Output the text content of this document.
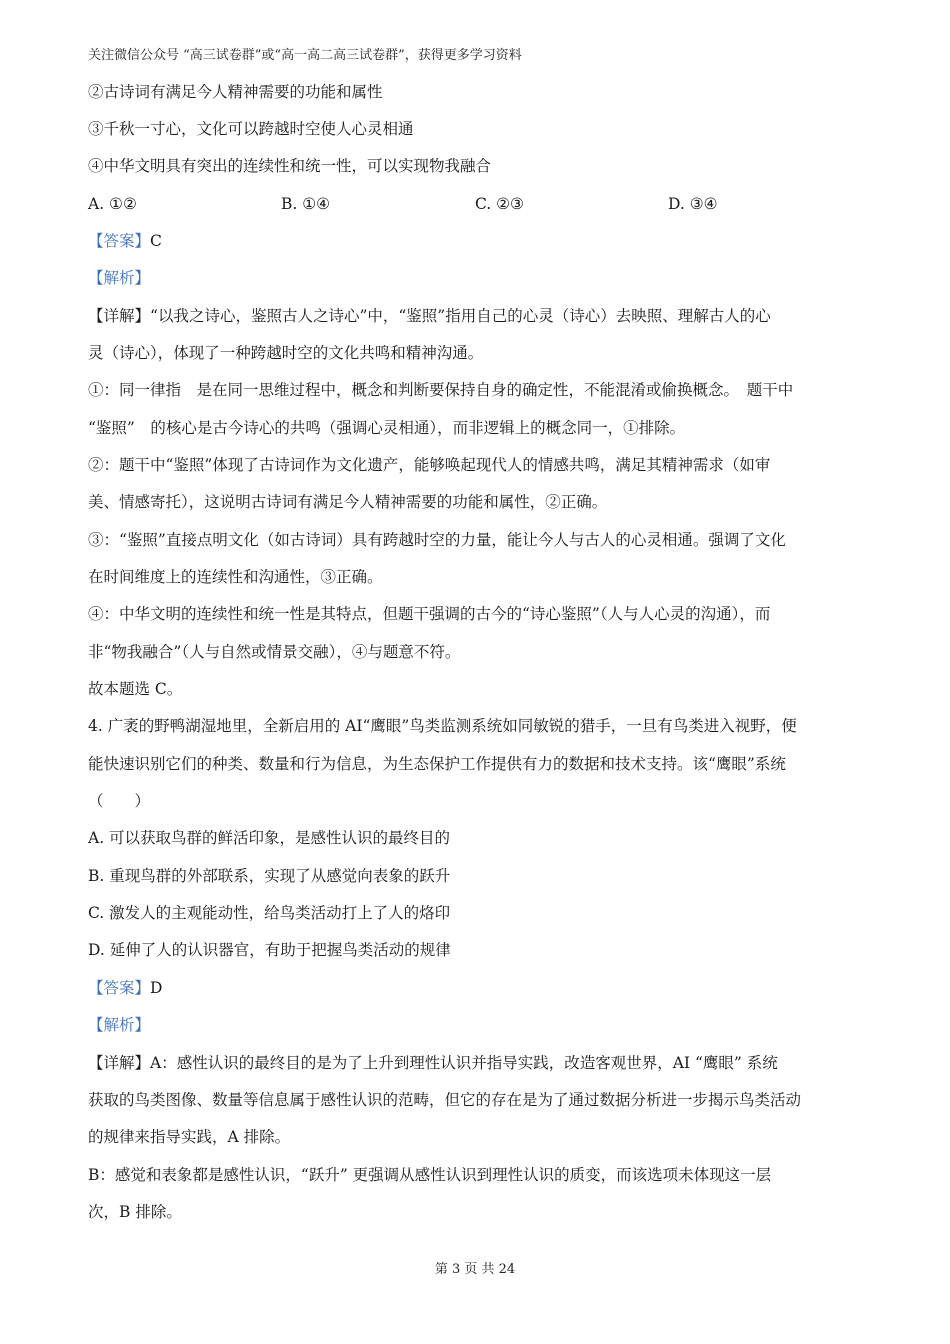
关注微信公众号 “高三试卷群”或“高一高二高三试卷群”，获得更多学习资料
②古诗词有满足今人精神需要的功能和属性
③千秋一寸心，文化可以跨越时空使人心灵相通
④中华文明具有突出的连续性和统一性，可以实现物我融合
A. ①②	B. ①④	C. ②③	D. ③④
【答案】C
【解析】
【详解】“以我之诗心，鉴照古人之诗心”中，“鉴照”指用自己的心灵（诗心）去映照、理解古人的心
灵（诗心），体现了一种跨越时空的文化共鸣和精神沟通。
①：同一律指　是在同一思维过程中，概念和判断要保持自身的确定性，不能混淆或偷换概念。　题干中
“鉴照”　的核心是古今诗心的共鸣（强调心灵相通），而非逻辑上的概念同一，①排除。
②：题干中“鉴照”体现了古诗词作为文化遗产，能够唤起现代人的情感共鸣，满足其精神需求（如审
美、情感寄托），这说明古诗词有满足今人精神需要的功能和属性，②正确。
③：“鉴照”直接点明文化（如古诗词）具有跨越时空的力量，能让今人与古人的心灵相通。强调了文化
在时间维度上的连续性和沟通性，③正确。
④：中华文明的连续性和统一性是其特点，但题干强调的古今的“诗心鉴照”（人与人心灵的沟通），而
非“物我融合”（人与自然或情景交融），④与题意不符。
故本题选 C。
4. 广袤的野鸭湖湿地里，全新启用的 AI“鹰眼”鸟类监测系统如同敏锐的猎手，一旦有鸟类进入视野，便
能快速识别它们的种类、数量和行为信息，为生态保护工作提供有力的数据和技术支持。该“鹰眼”系统
（　　）
A. 可以获取鸟群的鲜活印象，是感性认识的最终目的
B. 重现鸟群的外部联系，实现了从感觉向表象的跃升
C. 激发人的主观能动性，给鸟类活动打上了人的烙印
D. 延伸了人的认识器官，有助于把握鸟类活动的规律
【答案】D
【解析】
【详解】A：感性认识的最终目的是为了上升到理性认识并指导实践，改造客观世界，AI “鹰眼” 系统
获取的鸟类图像、数量等信息属于感性认识的范畴，但它的存在是为了通过数据分析进一步揭示鸟类活动
的规律来指导实践，A 排除。
B：感觉和表象都是感性认识，“跃升” 更强调从感性认识到理性认识的质变，而该选项未体现这一层
次，B 排除。
第 3 页 共 24
